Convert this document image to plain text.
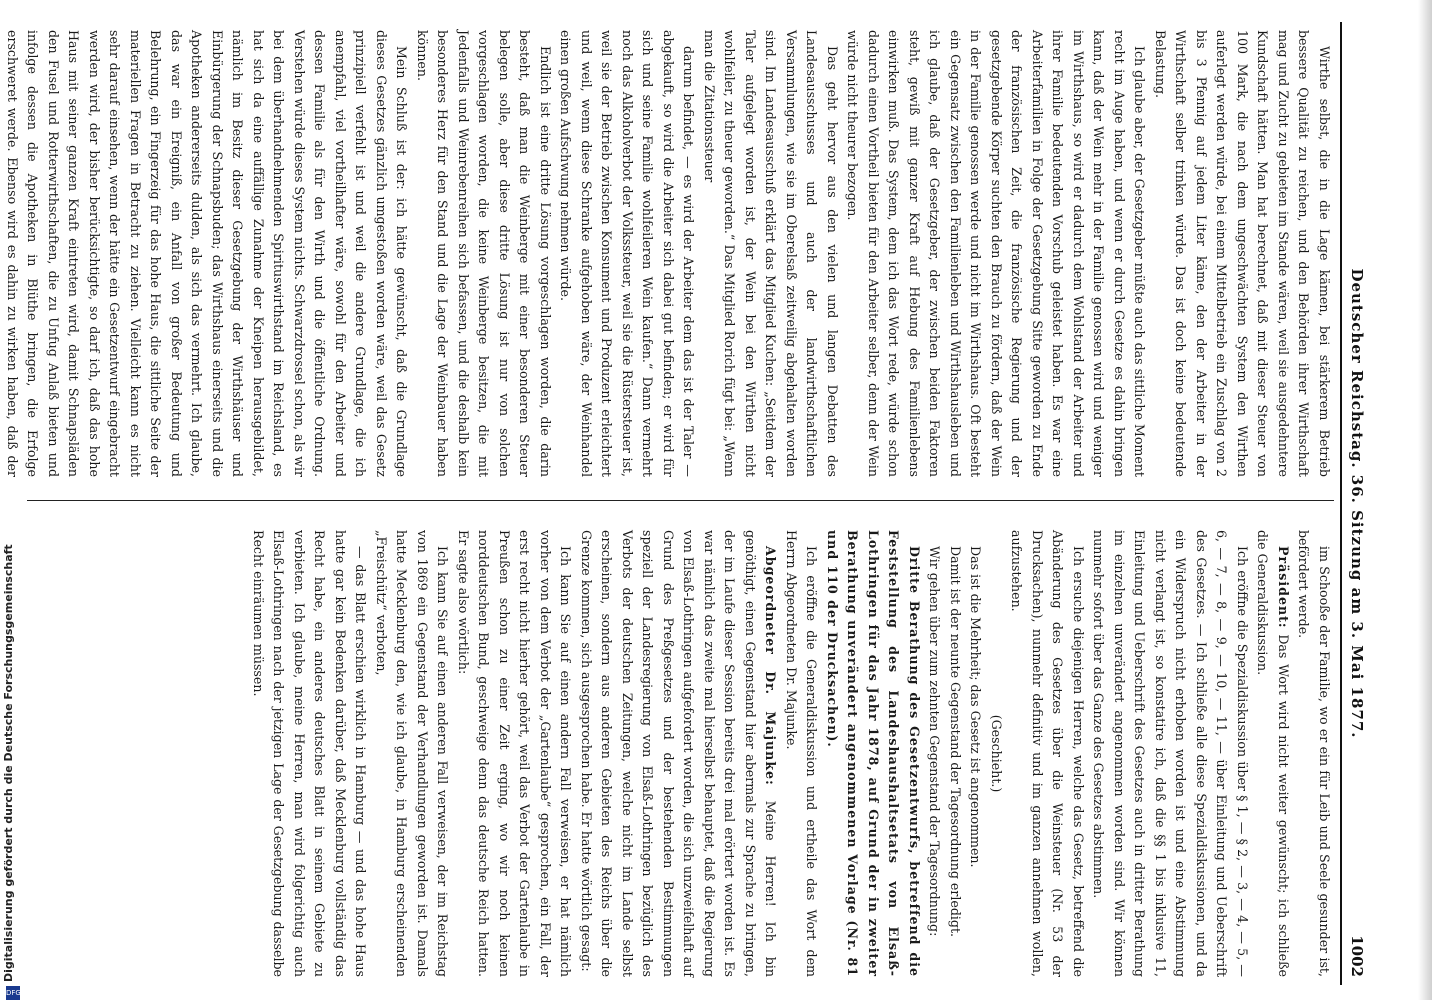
Deutscher Reichstag. 36. Sitzung am 3. Mai 1877.
1002

Wirthe selbst, die in die Lage kämen, bei stärkerem Betrieb bessere Qualität zu reichen, und den Behörden ihrer Wirthschaft mag und Zucht zu gebieten im Stande wären, weil sie ausgedehntere Kundschaft hätten. Man hat berechnet, daß mit dieser Steuer von 100 Mark, die nach dem ungeschwächten System den Wirthen auferlegt werden würde, bei einem Mittelbetrieb ein Zuschlag von 2 bis 3 Pfennig auf jedem Liter käme, den der Arbeiter in der Wirthschaft selber trinken würde. Das ist doch keine bedeutende Belastung.

Ich glaube aber, der Gesetzgeber müßte auch das sittliche Moment recht im Auge haben, und wenn er durch Gesetze es dahin bringen kann, daß der Wein mehr in der Familie genossen wird und weniger im Wirthshaus, so wird er dadurch dem Wohlstand der Arbeiter und ihrer Familie bedeutenden Vorschub geleistet haben. Es war eine Arbeiterfamilien in Folge der Gesetzgebung Sitte geworden zu Ende der französischen Zeit, die französische Regierung und der gesetzgebende Körper suchten den Brauch zu fördern, daß der Wein in der Familie genossen werde und nicht im Wirthshaus. Oft besteht ein Gegensatz zwischen den Familienleben und Wirthshausleben und ich glaube, daß der Gesetzgeber, der zwischen beiden Faktoren steht, gewiß mit ganzer Kraft auf Hebung des Familienlebens einwirken muß. Das System, dem ich das Wort rede, würde schon dadurch einen Vortheil bieten für den Arbeiter selber, denn der Wein würde nicht theurer bezogen.

Das geht hervor aus den vielen und langen Debatten des Landesausschusses und auch der landwirthschaftlichen Versammlungen, wie sie im Oberelsaß zeitweilig abgehalten worden sind. Im Landesausschuß erklärt das Mitglied Kuchen: „Seitdem der Taler aufgelegt worden ist, der Wein bei den Wirthen nicht wohlfeiler, zu theuer geworden.“ Das Mitglied Rorich fügt bei: „Wenn man die Zitationssteuer

darum befindet, — es wird der Arbeiter dem das ist der Taler — abgekauft, so wird die Arbeiter sich dabei gut befinden; er wird für sich und seine Familie wohlfeileren Wein kaufen.“ Dann vermehrt noch das Alkoholverbot der Volkssteuer, weil sie die Rüstersteuer ist, weil sie der Betrieb zwischen Konsument und Produzent erleichtert und weil, wenn diese Schranke aufgehoben wäre, der Weinhandel einen großen Aufschwung nehmen würde.

Endlich ist eine dritte Lösung vorgeschlagen worden, die darin besteht, daß man die Weinberge mit einer besonderen Steuer belegen solle, aber diese dritte Lösung ist nur von solchen vorgeschlagen worden, die keine Weinberge besitzen, die mit Jedenfalls und Weinrebenreihen sich befassen, und die deshalb kein besonderes Herz für den Stand und die Lage der Weinbauer haben können.

Mein Schluß ist der: ich hätte gewünscht, daß die Grundlage dieses Gesetzes gänzlich umgestoßen worden wäre, weil das Gesetz prinzipiell verfehlt ist und weil die andere Grundlage, die ich anempfahl, viel vortheilhafter wäre, sowohl für den Arbeiter und dessen Familie als für den Wirth und die öffentliche Ordnung. Verstehen würde dieses System nichts. Schwarzdrossel schon, als wir bei dem überhandnehmenden Spirituswirthstand im Reichsland, es hat sich da eine auffällige Zunahme der Kneipen herausgebildet, nämlich im Besitz dieser Gesetzgebung der Wirthshäuser und Einbürgerung der Schnapsbuden; das Wirthshaus einerseits und die Apotheken andererseits dulden, als sich das vermehrt. Ich glaube, das war ein Ereigniß, ein Anfall von großer Bedeutung und Belehrung, ein Fingerzeig für das hohe Haus, die sittliche Seite der materiellen Fragen in Betracht zu ziehen. Vielleicht kann es nicht sehr darauf einsehen, wenn der hätte ein Gesetzentwurf eingebracht werden wird, der bisher berücksichtigte, so darf ich, daß das hohe Haus mit seiner ganzen Kraft eintreten wird, damit Schnapsläden den Fusel und Rotterwirthschaften, die zu Unfug Anlaß bieten und infolge dessen die Apotheken in Blüthe bringen, die Erfolge erschweret werde. Ebenso wird es dahin zu wirken haben, daß der

im Schooße der Familie, wo er ein für Leib und Seele gesunder ist, befördert werde.

Präsident: Das Wort wird nicht weiter gewünscht; ich schließe die Generaldiskussion.

Ich eröffne die Spezialdiskussion über § 1, — § 2, — 3, — 4, — 5, — 6, — 7, — 8, — 9, — 10, — 11, — über Einleitung und Ueberschrift des Gesetzes. — Ich schließe alle diese Spezialdiskussionen, und da ein Widerspruch nicht erhoben worden ist und eine Abstimmung nicht verlangt ist, so konstatire ich, daß die §§ 1 bis inklusive 11, Einleitung und Ueberschrift des Gesetzes auch in dritter Berathung im einzelnen unverändert angenommen worden sind. Wir können nunmehr sofort über das Ganze des Gesetzes abstimmen.

Ich ersuche diejenigen Herren, welche das Gesetz, betreffend die Abänderung des Gesetzes über die Weinsteuer (Nr. 53 der Drucksachen), nunmehr definitiv und im ganzen annehmen wollen, aufzustehen.

(Geschieht.)

Das ist die Mehrheit; das Gesetz ist angenommen.

Damit ist der neunte Gegenstand der Tagesordnung erledigt.

Wir gehen über zum zehnten Gegenstand der Tagesordnung:

Dritte Berathung des Gesetzentwurfs, betreffend die Feststellung des Landeshaushaltsetats von Elsaß-Lothringen für das Jahr 1878, auf Grund der in zweiter Berathung unverändert angenommenen Vorlage (Nr. 81 und 110 der Drucksachen).

Ich eröffne die Generaldiskussion und ertheile das Wort dem Herrn Abgeordneten Dr. Majunke.

Abgeordneter Dr. Majunke: Meine Herren! Ich bin genöthigt, einen Gegenstand hier abermals zur Sprache zu bringen, der im Laufe dieser Session bereits drei mal erörtert worden ist. Es war nämlich das zweite mal hierselbst behauptet, daß die Regierung von Elsaß-Lothringen aufgefordert worden, die sich unzweifelhaft auf Grund des Preßgesetzes und der bestehenden Bestimmungen speziell der Landesregierung von Elsaß-Lothringen bezüglich des Verbots der deutschen Zeitungen, welche nicht im Lande selbst erscheinen, sondern aus anderen Gebieten des Reichs über die Grenze kommen, sich ausgesprochen habe. Er hatte wörtlich gesagt:

Ich kann Sie auf einen andern Fall verweisen, er hat nämlich vorher von dem Verbot der „Gartenlaube“ gesprochen, ein Fall, der erst recht nicht hierher gehört, weil das Verbot der Gartenlaube in Preußen schon zu einer Zeit erging, wo wir noch keinen norddeutschen Bund, geschweige denn das deutsche Reich hatten. Er sagte also wörtlich:

Ich kann Sie auf einen anderen Fall verweisen, der im Reichstag von 1869 ein Gegenstand der Verhandlungen geworden ist. Damals hatte Mecklenburg den, wie ich glaube, in Hamburg erscheinenden „Freischütz“ verboten,

— das Blatt erschien wirklich in Hamburg — und das hohe Haus hatte gar kein Bedenken darüber, daß Mecklenburg vollständig das Recht habe, ein anderes deutsches Blatt in seinem Gebiete zu verbieten. Ich glaube, meine Herren, man wird folgerichtig auch Elsaß-Lothringen nach der jetzigen Lage der Gesetzgebung dasselbe Recht einräumen müssen.

Digitalisierung gefördert durch die Deutsche Forschungsgemeinschaft
DFG
